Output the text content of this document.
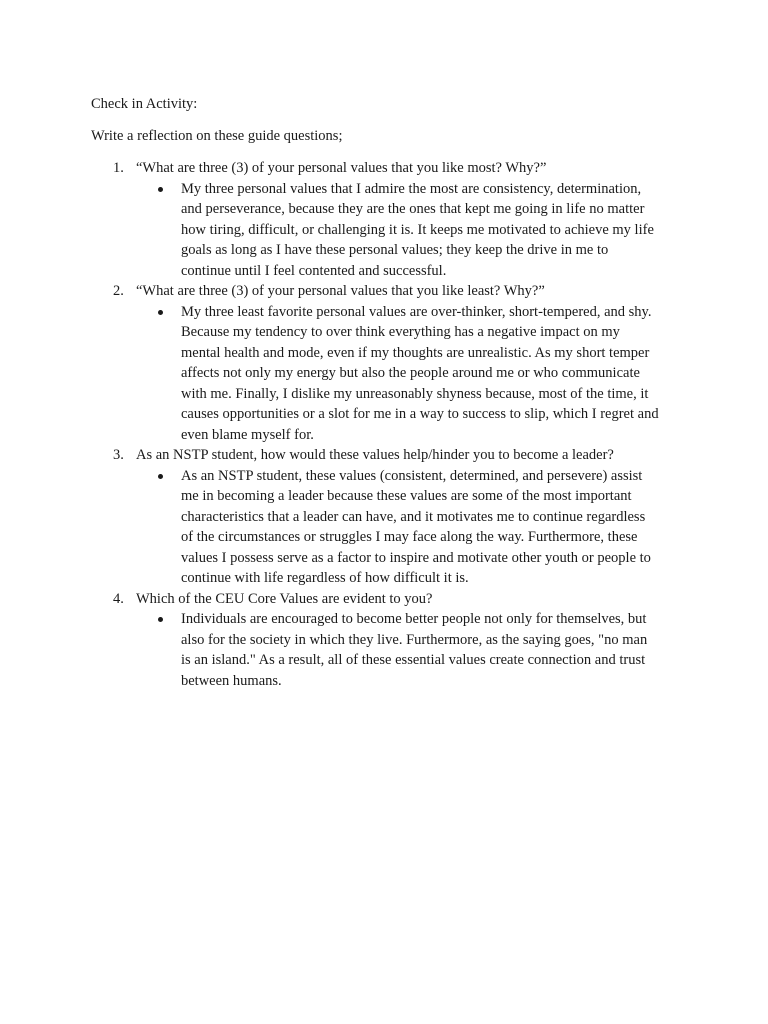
Check in Activity:
Write a reflection on these guide questions;
1. “What are three (3) of your personal values that you like most? Why?”
My three personal values that I admire the most are consistency, determination,
and perseverance, because they are the ones that kept me going in life no matter
how tiring, difficult, or challenging it is. It keeps me motivated to achieve my life
goals as long as I have these personal values; they keep the drive in me to
continue until I feel contented and successful.
2. “What are three (3) of your personal values that you like least? Why?”
My three least favorite personal values are over-thinker, short-tempered, and shy.
Because my tendency to over think everything has a negative impact on my
mental health and mode, even if my thoughts are unrealistic. As my short temper
affects not only my energy but also the people around me or who communicate
with me. Finally, I dislike my unreasonably shyness because, most of the time, it
causes opportunities or a slot for me in a way to success to slip, which I regret and
even blame myself for.
3. As an NSTP student, how would these values help/hinder you to become a leader?
As an NSTP student, these values (consistent, determined, and persevere) assist
me in becoming a leader because these values are some of the most important
characteristics that a leader can have, and it motivates me to continue regardless
of the circumstances or struggles I may face along the way. Furthermore, these
values I possess serve as a factor to inspire and motivate other youth or people to
continue with life regardless of how difficult it is.
4. Which of the CEU Core Values are evident to you?
Individuals are encouraged to become better people not only for themselves, but
also for the society in which they live. Furthermore, as the saying goes, "no man
is an island." As a result, all of these essential values create connection and trust
between humans.
